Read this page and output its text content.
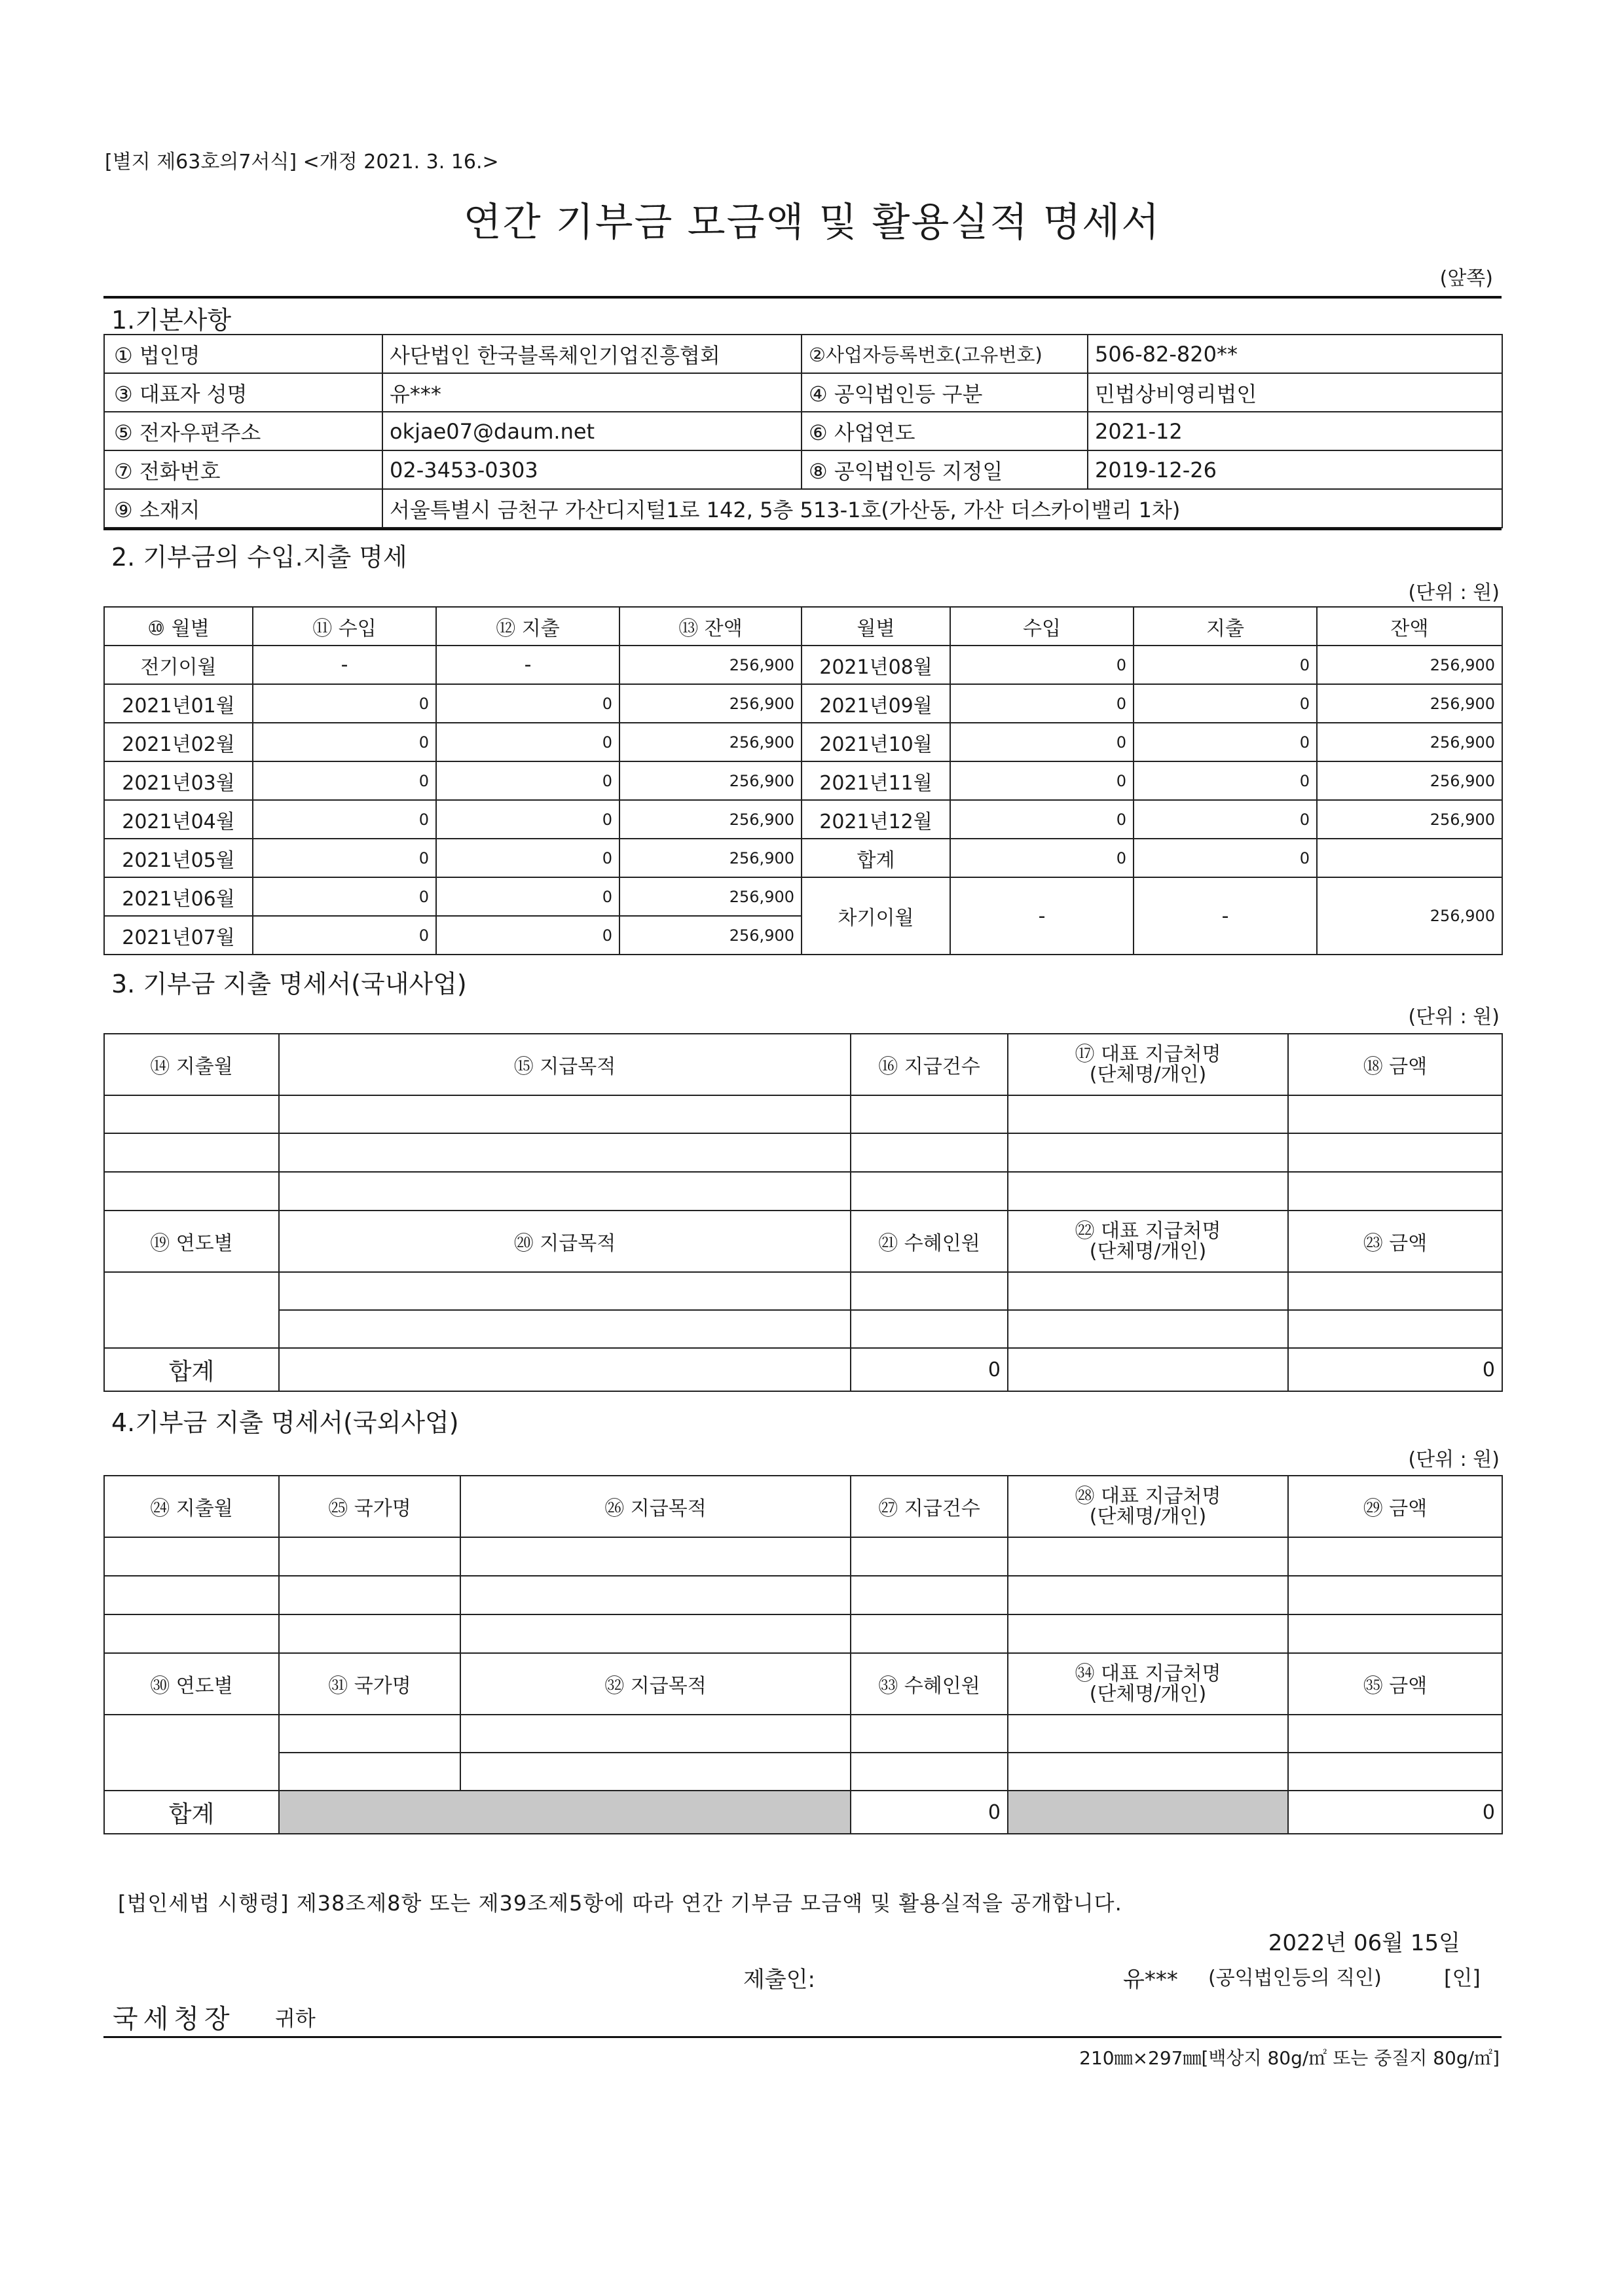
[별지 제63호의7서식] <개정 2021. 3. 16.>
연간 기부금 모금액 및 활용실적 명세서
(앞쪽)
1.기본사항
① 법인명	사단법인 한국블록체인기업진흥협회	②사업자등록번호(고유번호)	506-82-820**
③ 대표자 성명	유***	④ 공익법인등 구분	민법상비영리법인
⑤ 전자우편주소	okjae07@daum.net	⑥ 사업연도	2021-12
⑦ 전화번호	02-3453-0303	⑧ 공익법인등 지정일	2019-12-26
⑨ 소재지	서울특별시 금천구 가산디지털1로 142, 5층 513-1호(가산동, 가산 더스카이밸리 1차)		
2. 기부금의 수입.지출 명세
(단위 : 원)
⑩ 월별	⑪ 수입	⑫ 지출	⑬ 잔액	월별	수입	지출	잔액
전기이월	-	-	256,900	2021년08월	0	0	256,900
2021년01월	0	0	256,900	2021년09월	0	0	256,900
2021년02월	0	0	256,900	2021년10월	0	0	256,900
2021년03월	0	0	256,900	2021년11월	0	0	256,900
2021년04월	0	0	256,900	2021년12월	0	0	256,900
2021년05월	0	0	256,900	합계	0	0	
2021년06월	0	0	256,900	차기이월	-	-	256,900
2021년07월	0	0	256,900				
3. 기부금 지출 명세서(국내사업)
(단위 : 원)
⑭ 지출월	⑮ 지급목적	⑯ 지급건수	⑰ 대표 지급처명
(단체명/개인)	⑱ 금액

⑲ 연도별	⑳ 지급목적	㉑ 수혜인원	㉒ 대표 지급처명
(단체명/개인)	㉓ 금액

합계		0		0
4.기부금 지출 명세서(국외사업)
(단위 : 원)
㉔ 지출월	㉕ 국가명	㉖ 지급목적	㉗ 지급건수	㉘ 대표 지급처명
(단체명/개인)	㉙ 금액

㉚ 연도별	㉛ 국가명	㉜ 지급목적	㉝ 수혜인원	㉞ 대표 지급처명
(단체명/개인)	㉟ 금액

합계			0		0
[법인세법 시행령] 제38조제8항 또는 제39조제5항에 따라 연간 기부금 모금액 및 활용실적을 공개합니다.
2022년 06월 15일
제출인:	유*** (공익법인등의 직인)	[인]
국세청장 귀하
210㎜×297㎜[백상지 80g/㎡ 또는 중질지 80g/㎡]
